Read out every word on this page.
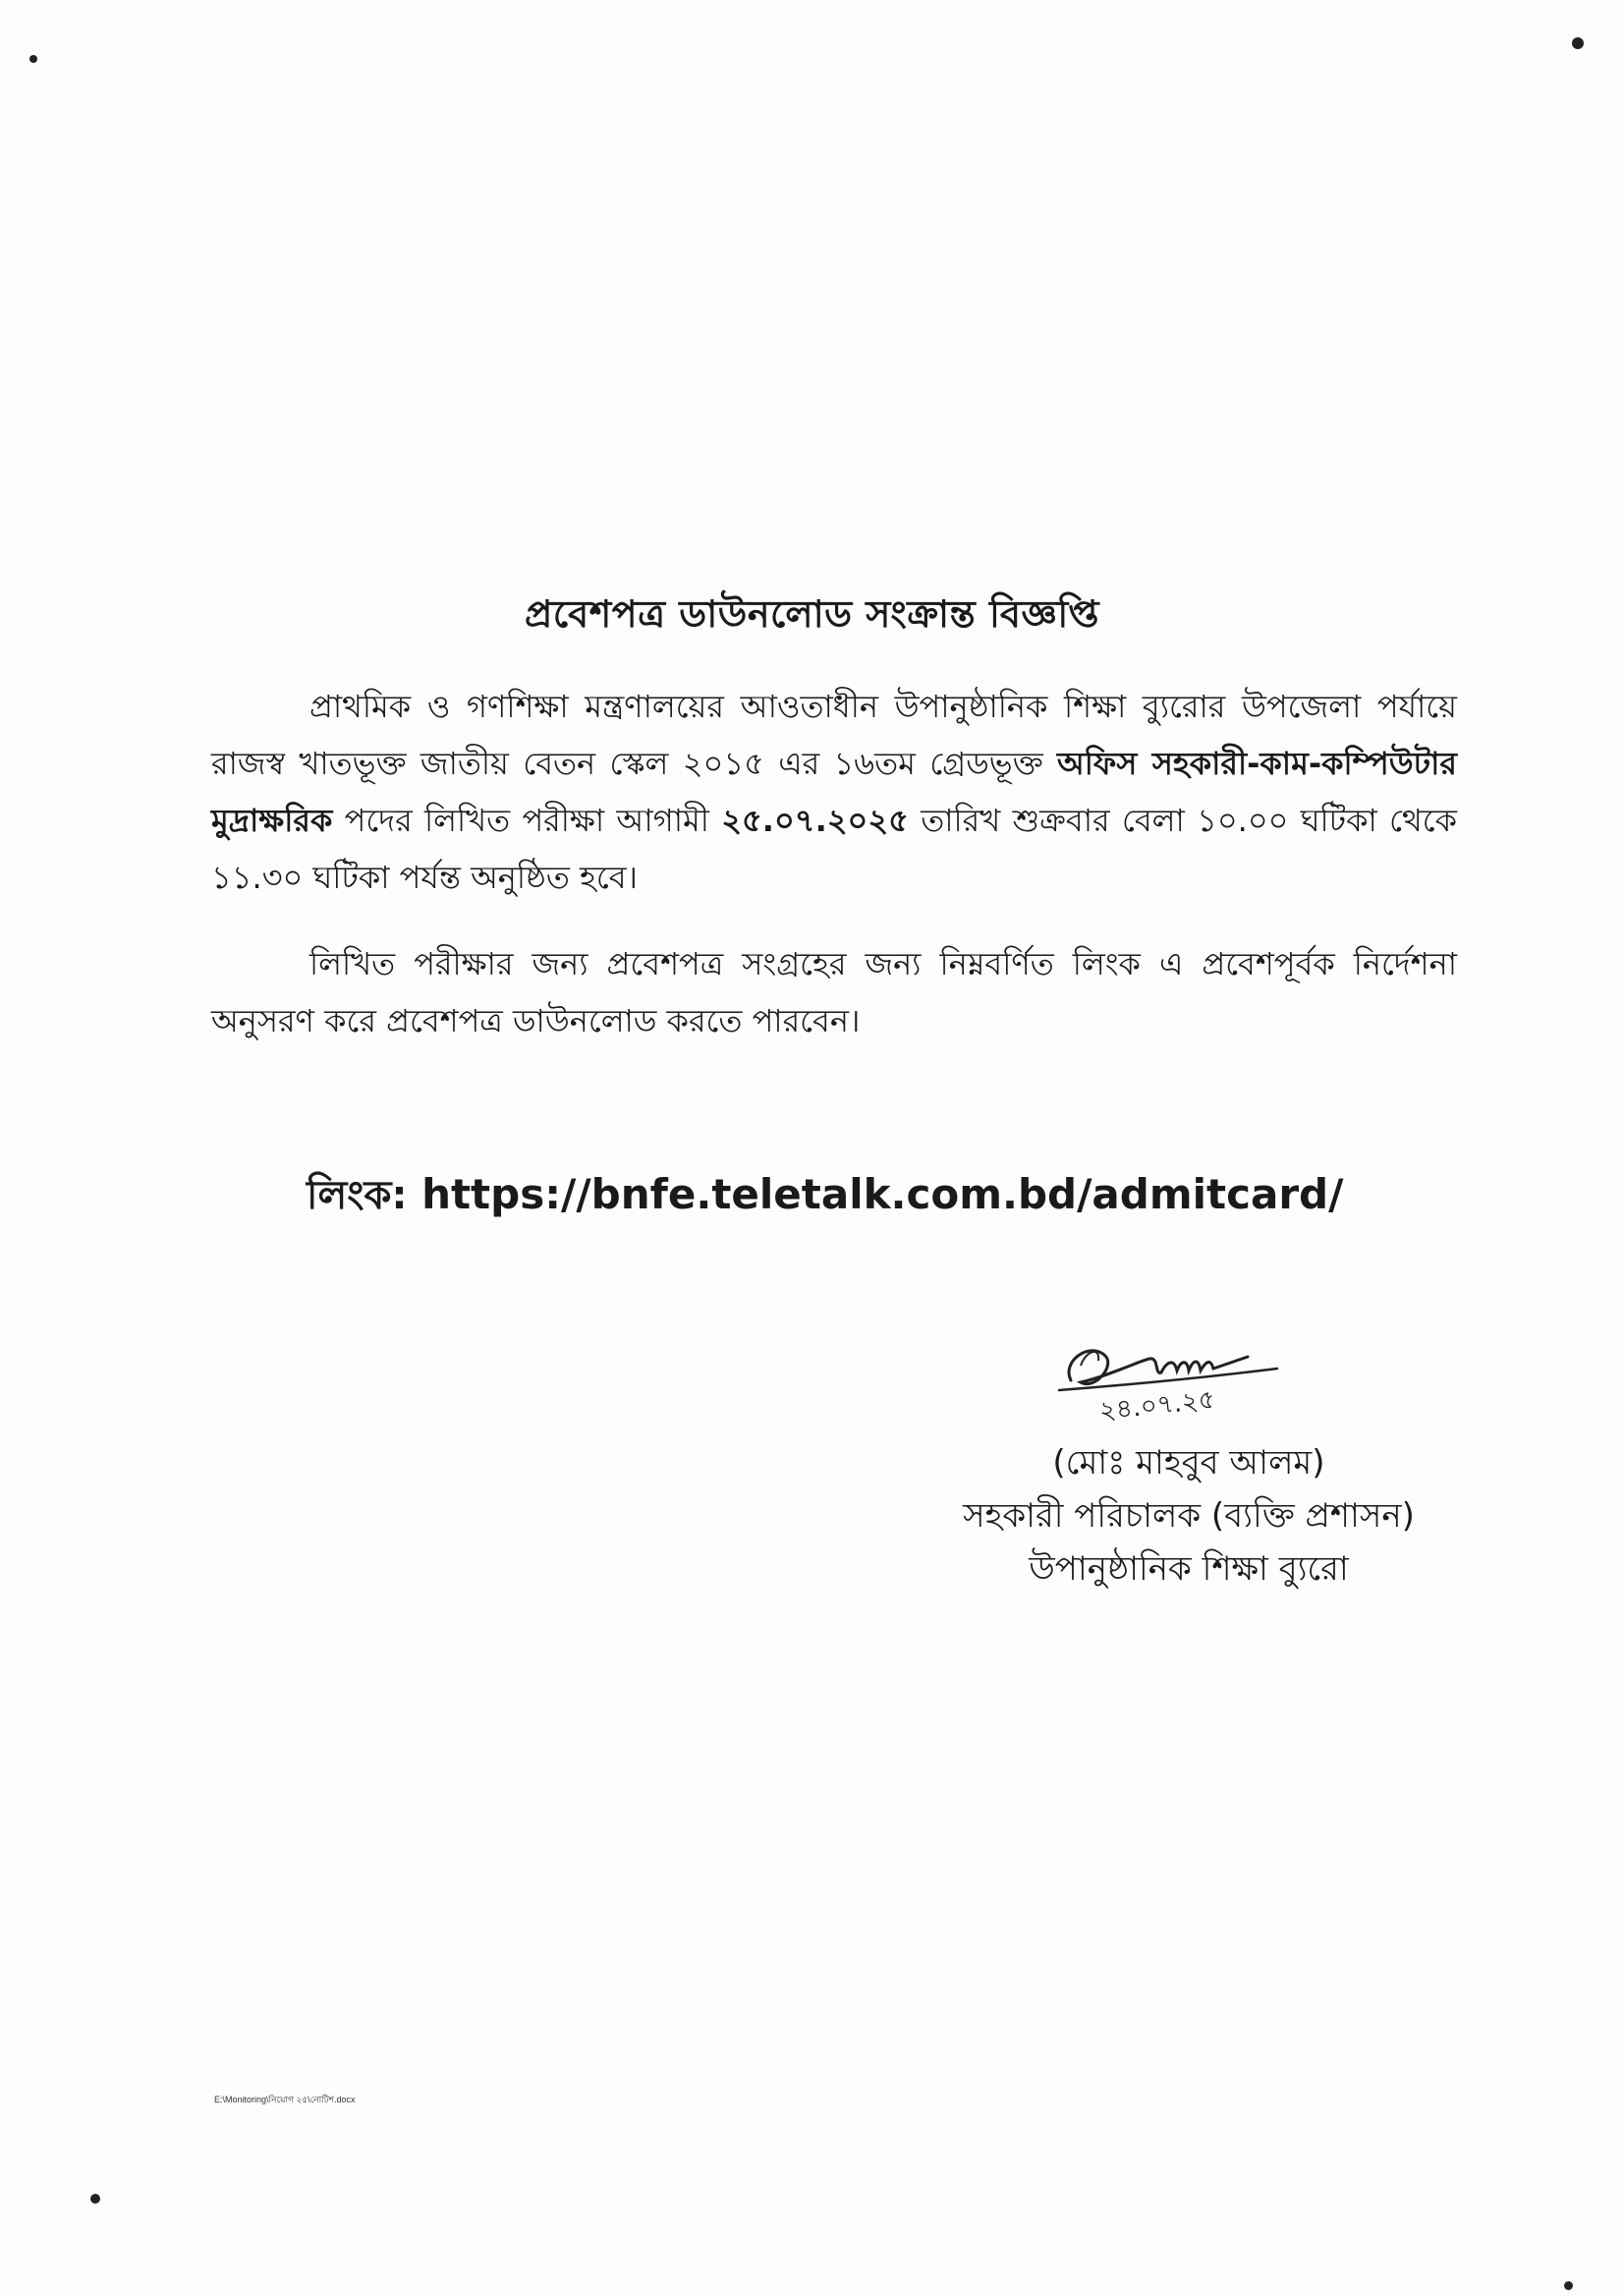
প্রবেশপত্র ডাউনলোড সংক্রান্ত বিজ্ঞপ্তি
প্রাথমিক ও গণশিক্ষা মন্ত্রণালয়ের আওতাধীন উপানুষ্ঠানিক শিক্ষা ব্যুরোর উপজেলা পর্যায়ে রাজস্ব খাতভূক্ত জাতীয় বেতন স্কেল ২০১৫ এর ১৬তম গ্রেডভূক্ত অফিস সহকারী-কাম-কম্পিউটার মুদ্রাক্ষরিক পদের লিখিত পরীক্ষা আগামী ২৫.০৭.২০২৫ তারিখ শুক্রবার বেলা ১০.০০ ঘটিকা থেকে ১১.৩০ ঘটিকা পর্যন্ত অনুষ্ঠিত হবে।
লিখিত পরীক্ষার জন্য প্রবেশপত্র সংগ্রহের জন্য নিম্নবর্ণিত লিংক এ প্রবেশপূর্বক নির্দেশনা অনুসরণ করে প্রবেশপত্র ডাউনলোড করতে পারবেন।
লিংক: https://bnfe.teletalk.com.bd/admitcard/
২৪.০৭.২৫
(মোঃ মাহবুব আলম)
সহকারী পরিচালক (ব্যক্তি প্রশাসন)
উপানুষ্ঠানিক শিক্ষা ব্যুরো
E:\Monitoring\নিয়োগ ২৫\নোটিশ.docx
